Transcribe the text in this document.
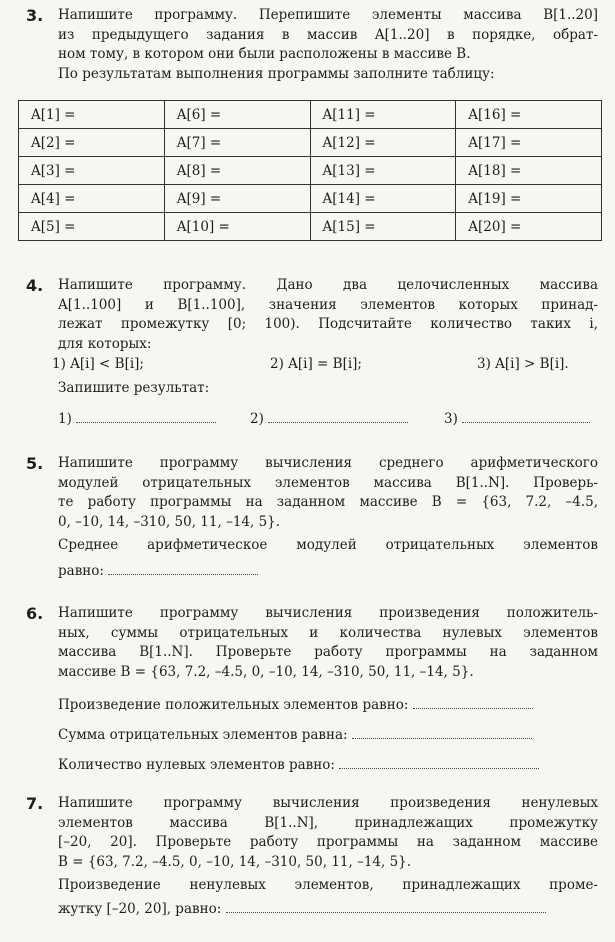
3. Напишите программу. Перепишите элементы массива B[1..20]
из предыдущего задания в массив A[1..20] в порядке, обрат-
ном тому, в котором они были расположены в массиве B.
По результатам выполнения программы заполните таблицу:
A[1] =	A[6] =	A[11] =	A[16] =
A[2] =	A[7] =	A[12] =	A[17] =
A[3] =	A[8] =	A[13] =	A[18] =
A[4] =	A[9] =	A[14] =	A[19] =
A[5] =	A[10] =	A[15] =	A[20] =
4. Напишите программу. Дано два целочисленных массива
A[1..100] и B[1..100], значения элементов которых принад-
лежат промежутку [0; 100). Подсчитайте количество таких i,
для которых:
1) A[i] < B[i];	2) A[i] = B[i];	3) A[i] > B[i].
Запишите результат:
1)	2)	3)
5. Напишите программу вычисления среднего арифметического
модулей отрицательных элементов массива B[1..N]. Проверь-
те работу программы на заданном массиве B = {63, 7.2, –4.5,
0, –10, 14, –310, 50, 11, –14, 5}.
Среднее арифметическое модулей отрицательных элементов
равно:
6. Напишите программу вычисления произведения положитель-
ных, суммы отрицательных и количества нулевых элементов
массива B[1..N]. Проверьте работу программы на заданном
массиве B = {63, 7.2, –4.5, 0, –10, 14, –310, 50, 11, –14, 5}.
Произведение положительных элементов равно:
Сумма отрицательных элементов равна:
Количество нулевых элементов равно:
7. Напишите программу вычисления произведения ненулевых
элементов массива B[1..N], принадлежащих промежутку
[–20, 20]. Проверьте работу программы на заданном массиве
B = {63, 7.2, –4.5, 0, –10, 14, –310, 50, 11, –14, 5}.
Произведение ненулевых элементов, принадлежащих проме-
жутку [–20, 20], равно:
